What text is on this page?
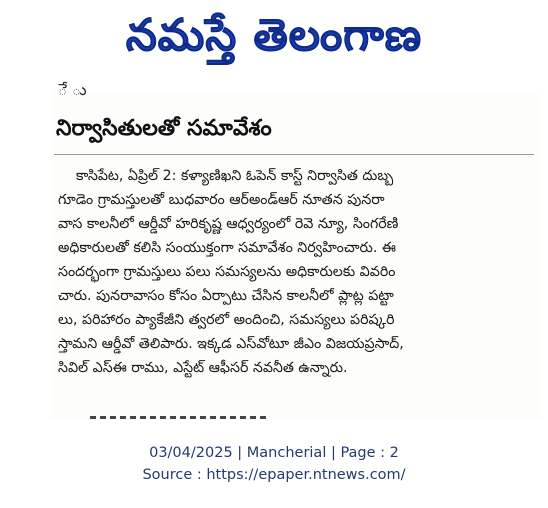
నమస్తే తెలంగాణ
ే ు
నిర్వాసితులతో సమావేశం
కాసిపేట, ఏప్రిల్ 2: కళ్యాణిఖని ఓపెన్ కాస్ట్ నిర్వాసిత దుబ్బ
గూడెం గ్రామస్తులతో బుధవారం ఆర్‌అండ్‌ఆర్ నూతన పునరా
వాస కాలనీలో ఆర్డీవో హరికృష్ణ ఆధ్వర్యంలో రెవె న్యూ, సింగరేణి
అధికారులతో కలిసి సంయుక్తంగా సమావేశం నిర్వహించారు. ఈ
సందర్భంగా గ్రామస్తులు పలు సమస్యలను అధికారులకు వివరిం
చారు. పునరావాసం కోసం ఏర్పాటు చేసిన కాలనీలో ప్లాట్ల పట్టా
లు, పరిహారం ప్యాకేజీని త్వరలో అందించి, సమస్యలు పరిష్కరి
స్తామని ఆర్డీవో తెలిపారు. ఇక్కడ ఎస్‌వోటూ జీఎం విజయప్రసాద్,
సివిల్ ఎస్ఈ రాము, ఎస్టేట్ ఆఫీసర్ నవనీత ఉన్నారు.
03/04/2025 | Mancherial | Page : 2
Source : https://epaper.ntnews.com/
